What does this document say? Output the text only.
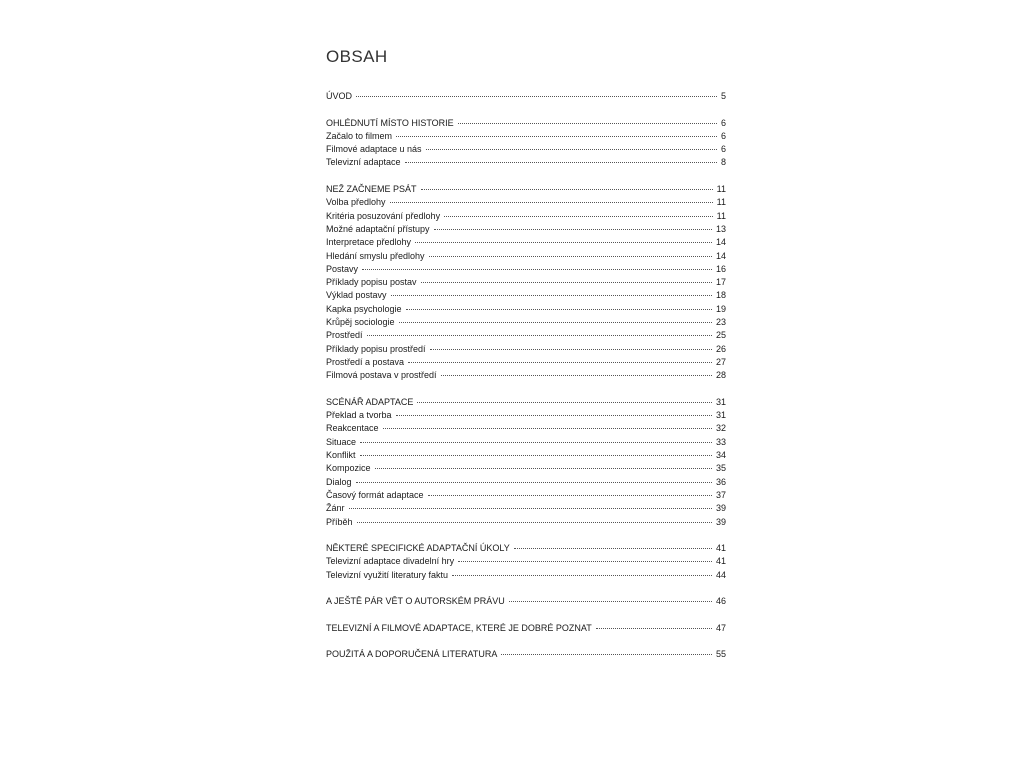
OBSAH
ÚVOD	5
OHLÉDNUTÍ MÍSTO HISTORIE	6
Začalo to filmem	6
Filmové adaptace u nás	6
Televizní adaptace	8
NEŽ ZAČNEME PSÁT	11
Volba předlohy	11
Kritéria posuzování předlohy	11
Možné adaptační přístupy	13
Interpretace předlohy	14
Hledání smyslu předlohy	14
Postavy	16
Příklady popisu postav	17
Výklad postavy	18
Kapka psychologie	19
Krůpěj sociologie	23
Prostředí	25
Příklady popisu prostředí	26
Prostředí a postava	27
Filmová postava v prostředí	28
SCÉNÁŘ ADAPTACE	31
Překlad a tvorba	31
Reakcentace	32
Situace	33
Konflikt	34
Kompozice	35
Dialog	36
Časový formát adaptace	37
Žánr	39
Příběh	39
NĚKTERÉ SPECIFICKÉ ADAPTAČNÍ ÚKOLY	41
Televizní adaptace divadelní hry	41
Televizní využití literatury faktu	44
A JEŠTĚ PÁR VĚT O AUTORSKÉM PRÁVU	46
TELEVIZNÍ A FILMOVÉ ADAPTACE, KTERÉ JE DOBRÉ POZNAT	47
POUŽITÁ A DOPORUČENÁ LITERATURA	55
